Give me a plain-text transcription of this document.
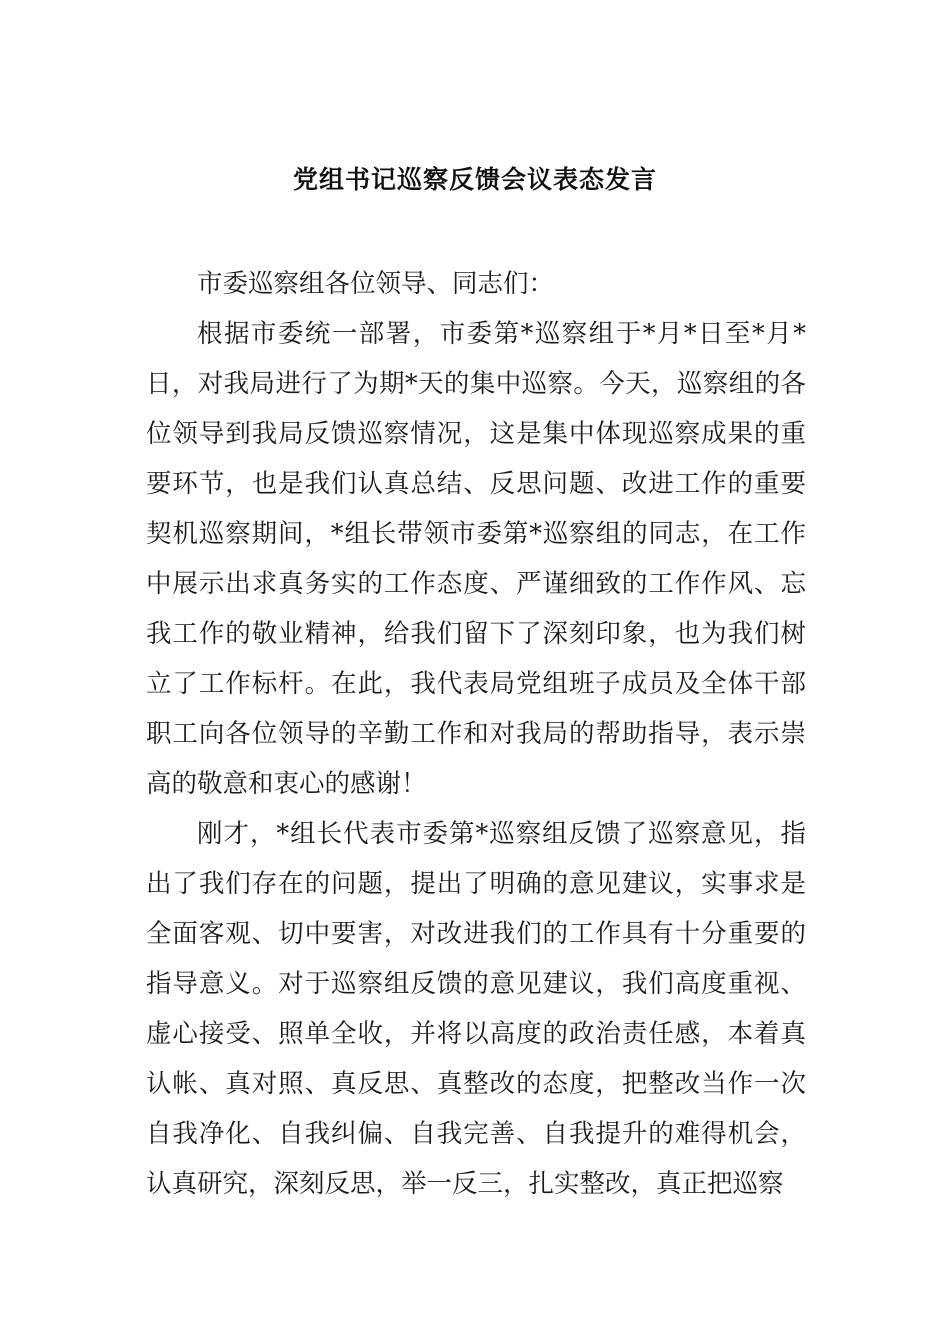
党组书记巡察反馈会议表态发言

市委巡察组各位领导、同志们：

根据市委统一部署，市委第*巡察组于*月*日至*月*日，对我局进行了为期*天的集中巡察。今天，巡察组的各位领导到我局反馈巡察情况，这是集中体现巡察成果的重要环节，也是我们认真总结、反思问题、改进工作的重要契机巡察期间，*组长带领市委第*巡察组的同志，在工作中展示出求真务实的工作态度、严谨细致的工作作风、忘我工作的敬业精神，给我们留下了深刻印象，也为我们树立了工作标杆。在此，我代表局党组班子成员及全体干部职工向各位领导的辛勤工作和对我局的帮助指导，表示崇高的敬意和衷心的感谢！

刚才，*组长代表市委第*巡察组反馈了巡察意见，指出了我们存在的问题，提出了明确的意见建议，实事求是全面客观、切中要害，对改进我们的工作具有十分重要的指导意义。对于巡察组反馈的意见建议，我们高度重视、虚心接受、照单全收，并将以高度的政治责任感，本着真认帐、真对照、真反思、真整改的态度，把整改当作一次自我净化、自我纠偏、自我完善、自我提升的难得机会，认真研究，深刻反思，举一反三，扎实整改，真正把巡察
